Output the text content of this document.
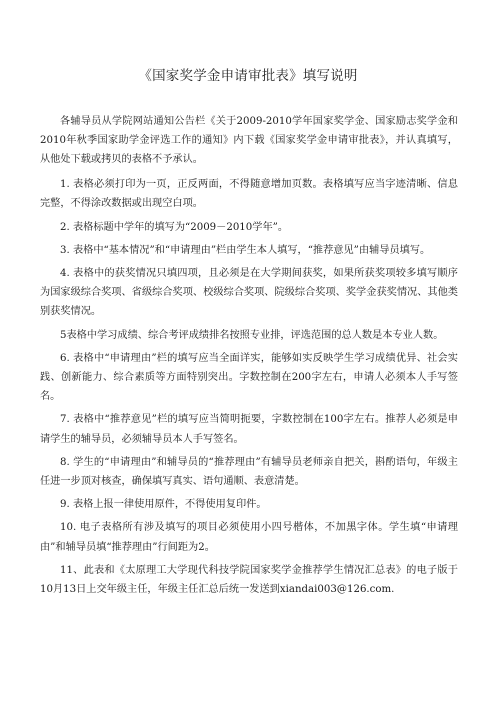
《国家奖学金申请审批表》填写说明

各辅导员从学院网站通知公告栏《关于2009-2010学年国家奖学金、国家励志奖学金和2010年秋季国家助学金评选工作的通知》内下载《国家奖学金申请审批表》，并认真填写，从他处下载或拷贝的表格不予承认。

1. 表格必须打印为一页，正反两面，不得随意增加页数。表格填写应当字迹清晰、信息完整，不得涂改数据或出现空白项。

2. 表格标题中学年的填写为“2009－2010学年”。

3. 表格中“基本情况”和“申请理由”栏由学生本人填写，“推荐意见”由辅导员填写。

4. 表格中的获奖情况只填四项，且必须是在大学期间获奖，如果所获奖项较多填写顺序为国家级综合奖项、省级综合奖项、校级综合奖项、院级综合奖项、奖学金获奖情况、其他类别获奖情况。

5表格中学习成绩、综合考评成绩排名按照专业排，评选范围的总人数是本专业人数。

6. 表格中“申请理由”栏的填写应当全面详实，能够如实反映学生学习成绩优异、社会实践、创新能力、综合素质等方面特别突出。字数控制在200字左右，申请人必须本人手写签名。

7. 表格中“推荐意见”栏的填写应当简明扼要，字数控制在100字左右。推荐人必须是申请学生的辅导员，必须辅导员本人手写签名。

8. 学生的“申请理由”和辅导员的“推荐理由”有辅导员老师亲自把关，斟酌语句，年级主任进一步顶对核查，确保填写真实、语句通顺、表意清楚。

9. 表格上报一律使用原件，不得使用复印件。

10. 电子表格所有涉及填写的项目必须使用小四号楷体，不加黑字体。学生填“申请理由”和辅导员填“推荐理由”行间距为2。

11、此表和《太原理工大学现代科技学院国家奖学金推荐学生情况汇总表》的电子版于10月13日上交年级主任，年级主任汇总后统一发送到xiandai003@126.com.
